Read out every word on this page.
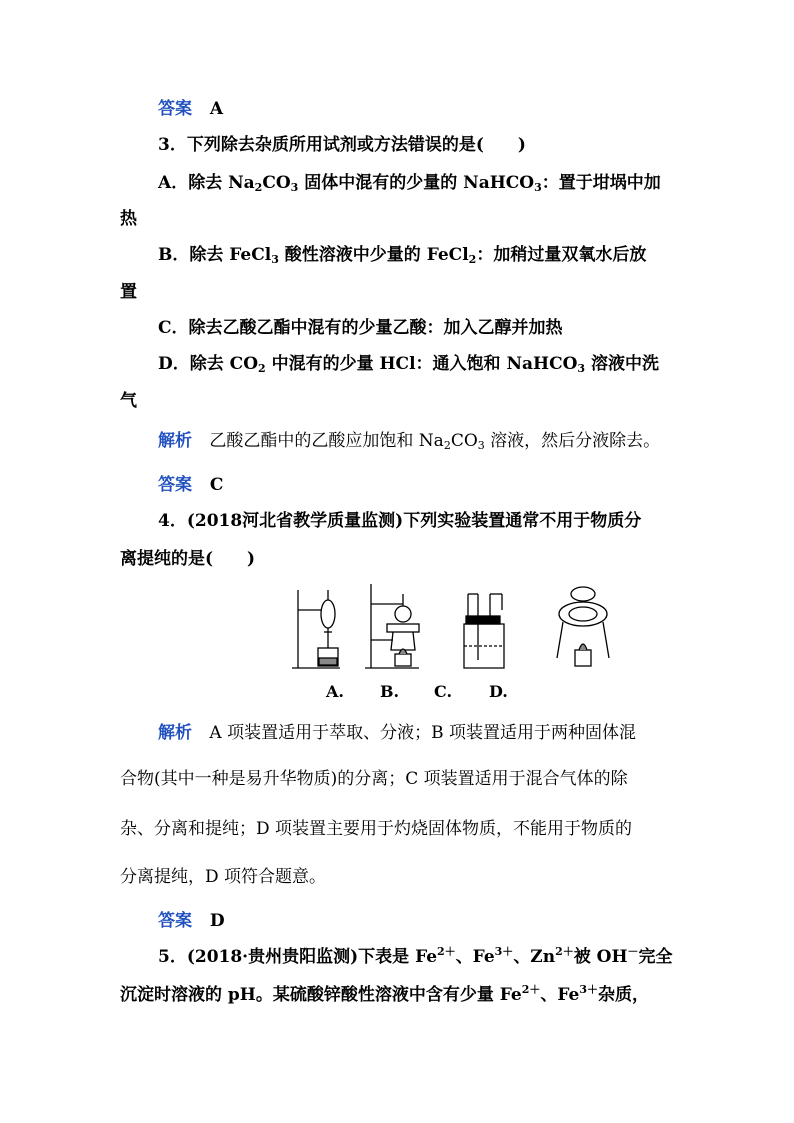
答案 A
3．下列除去杂质所用试剂或方法错误的是(　　)
A．除去 $Na_2CO_3$ 固体中混有的少量的 NaHCO$_3$：置于坩埚中加
热
B．除去 FeCl$_3$ 酸性溶液中少量的 FeCl$_2$：加稍过量双氧水后放
置
C．除去乙酸乙酯中混有的少量乙酸：加入乙醇并加热
D．除去 $CO_2$ 中混有的少量 HCl：通入饱和 NaHCO$_3$ 溶液中洗
气
解析 乙酸乙酯中的乙酸应加饱和 $Na_2CO_3$ 溶液，然后分液除去。
答案 C
4．(2018河北省教学质量监测)下列实验装置通常不用于物质分
离提纯的是(　　)
A. B. C. D.
解析 A 项装置适用于萃取、分液；B 项装置适用于两种固体混
合物(其中一种是易升华物质)的分离；C 项装置适用于混合气体的除
杂、分离和提纯；D 项装置主要用于灼烧固体物质，不能用于物质的
分离提纯，D 项符合题意。
答案 D
5．(2018·贵州贵阳监测)下表是 $Fe^{2+}$、$Fe^{3+}$、$Zn^{2+}$被 OH－完全
沉淀时溶液的 pH。某硫酸锌酸性溶液中含有少量 $Fe^{2+}$、$Fe^{3+}$杂质，
